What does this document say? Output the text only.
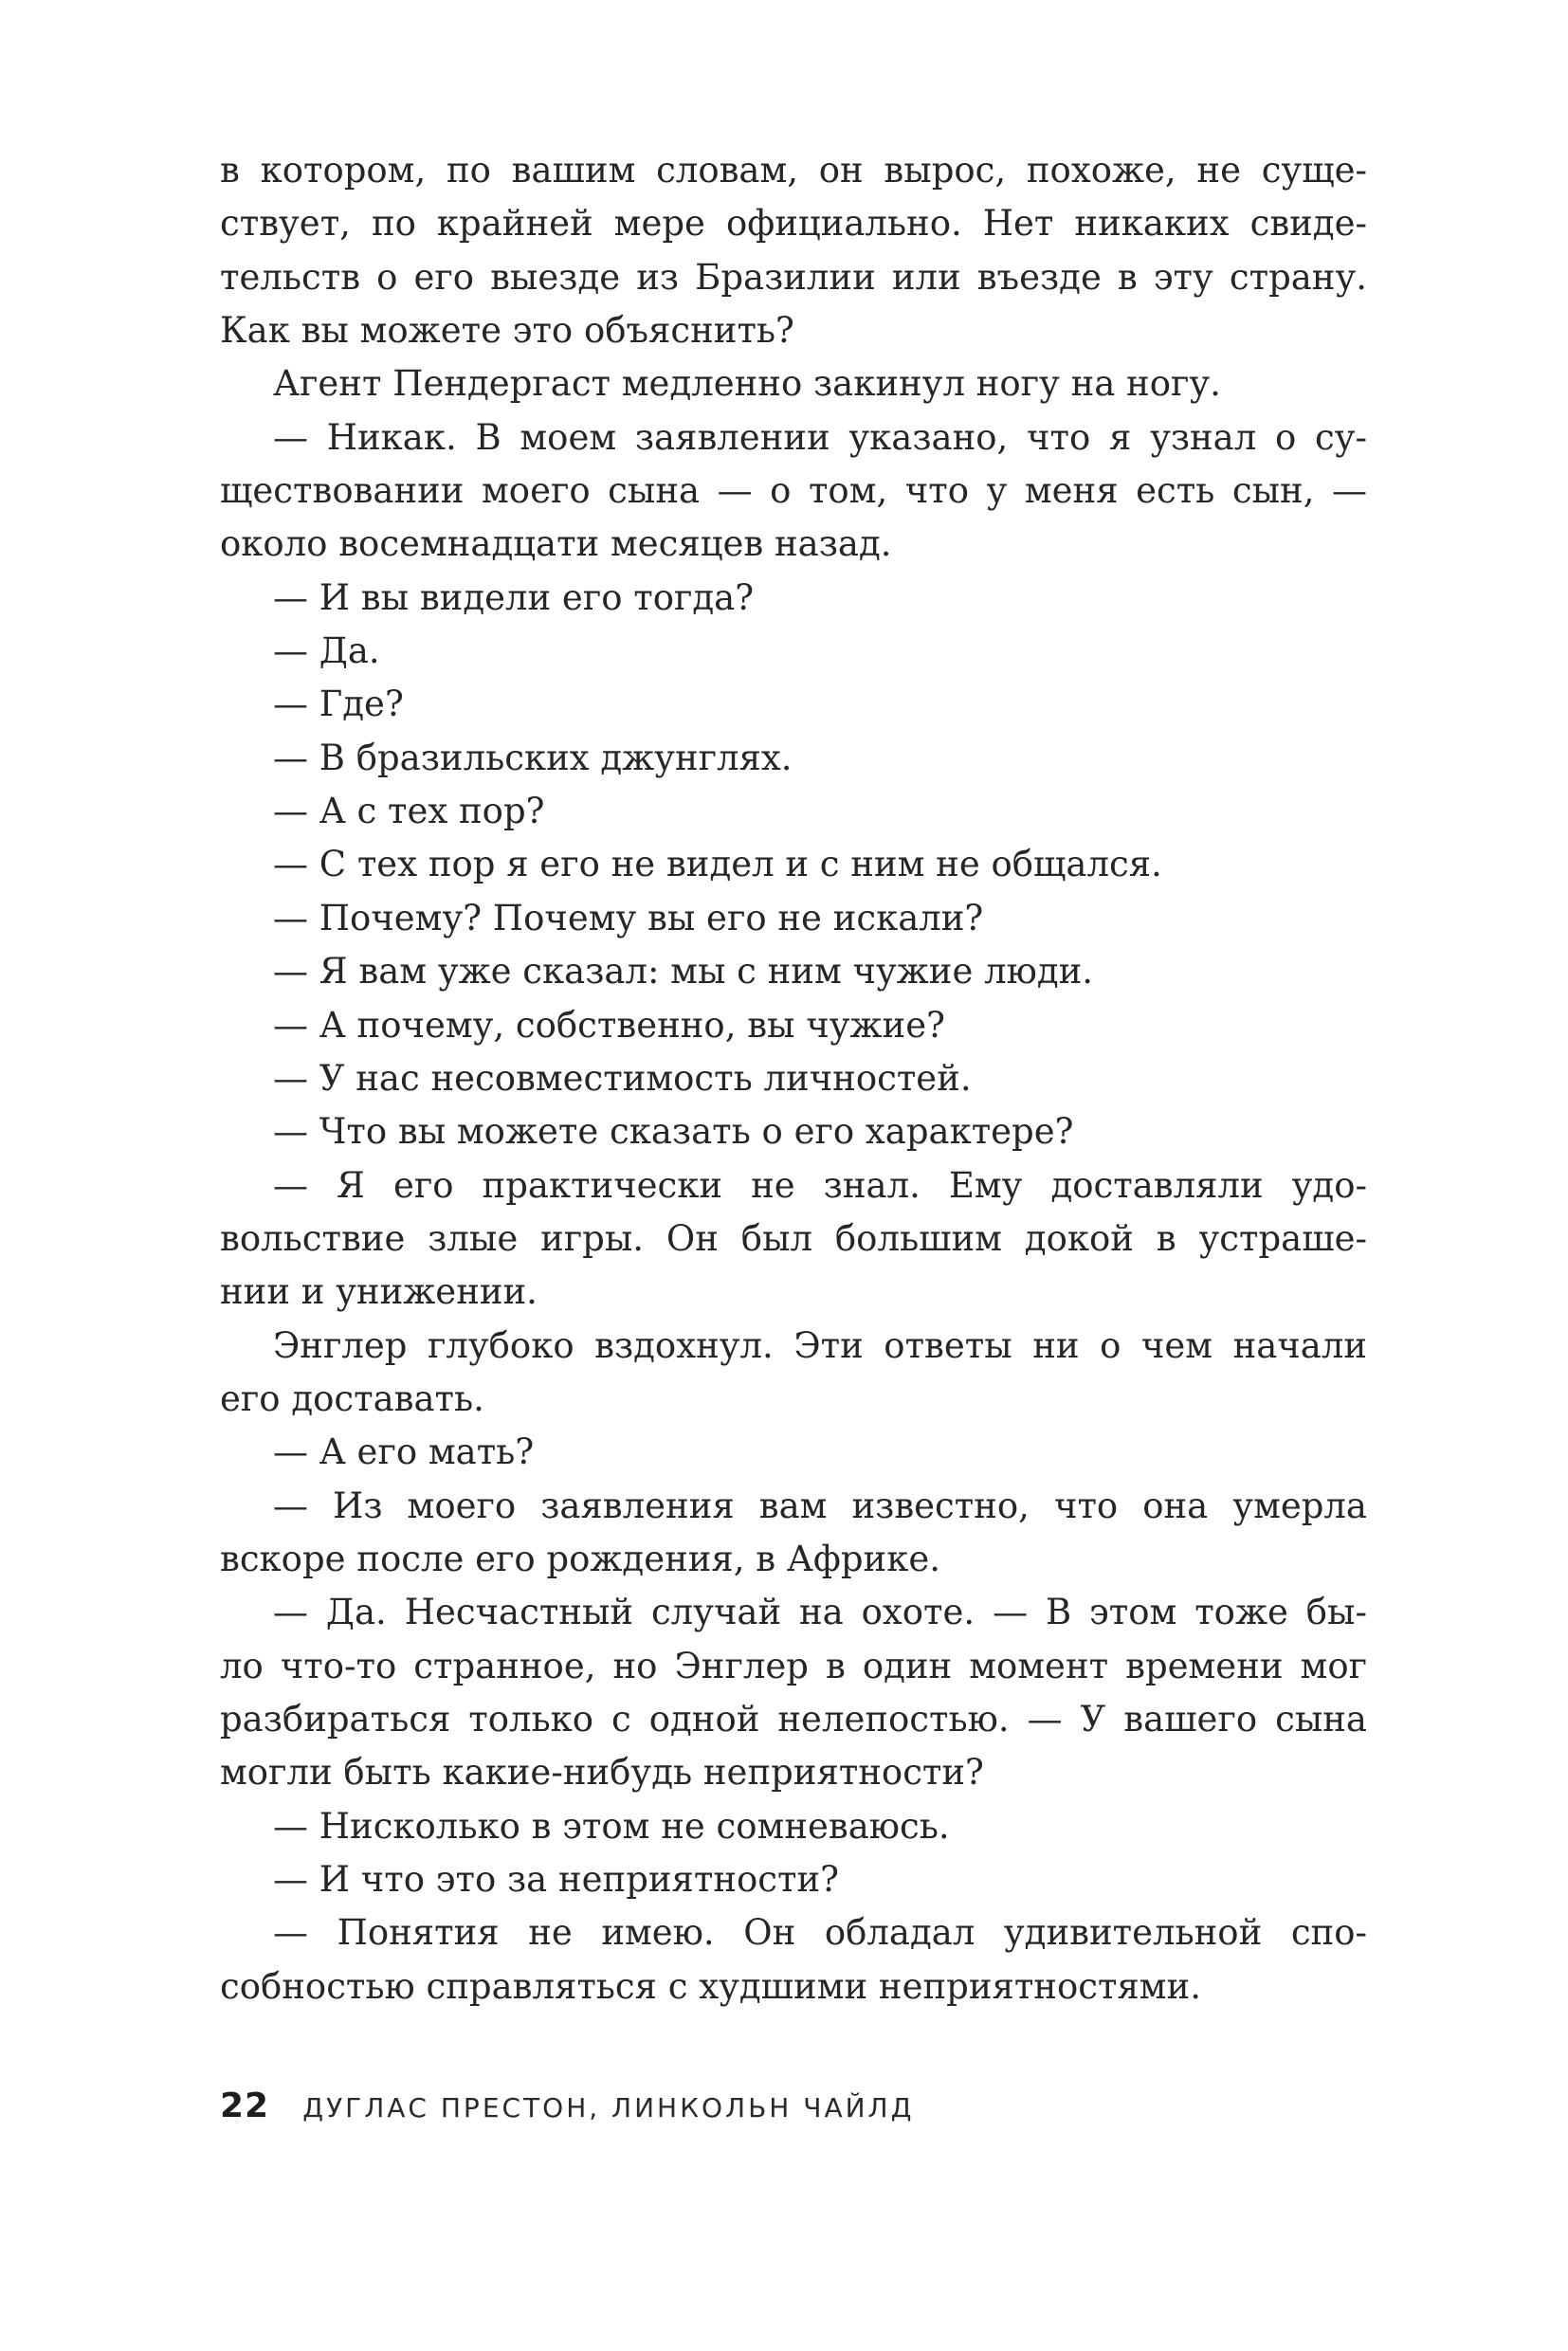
в котором, по вашим словам, он вырос, похоже, не суще-
ствует, по крайней мере официально. Нет никаких свиде-
тельств о его выезде из Бразилии или въезде в эту страну.
Как вы можете это объяснить?
Агент Пендергаст медленно закинул ногу на ногу.
— Никак. В моем заявлении указано, что я узнал о су-
ществовании моего сына — о том, что у меня есть сын, —
около восемнадцати месяцев назад.
— И вы видели его тогда?
— Да.
— Где?
— В бразильских джунглях.
— А с тех пор?
— С тех пор я его не видел и с ним не общался.
— Почему? Почему вы его не искали?
— Я вам уже сказал: мы с ним чужие люди.
— А почему, собственно, вы чужие?
— У нас несовместимость личностей.
— Что вы можете сказать о его характере?
— Я его практически не знал. Ему доставляли удо-
вольствие злые игры. Он был большим докой в устраше-
нии и унижении.
Энглер глубоко вздохнул. Эти ответы ни о чем начали
его доставать.
— А его мать?
— Из моего заявления вам известно, что она умерла
вскоре после его рождения, в Африке.
— Да. Несчастный случай на охоте. — В этом тоже бы-
ло что-то странное, но Энглер в один момент времени мог
разбираться только с одной нелепостью. — У вашего сына
могли быть какие-нибудь неприятности?
— Нисколько в этом не сомневаюсь.
— И что это за неприятности?
— Понятия не имею. Он обладал удивительной спо-
собностью справляться с худшими неприятностями.
22 ДУГЛАС ПРЕСТОН, ЛИНКОЛЬН ЧАЙЛД
